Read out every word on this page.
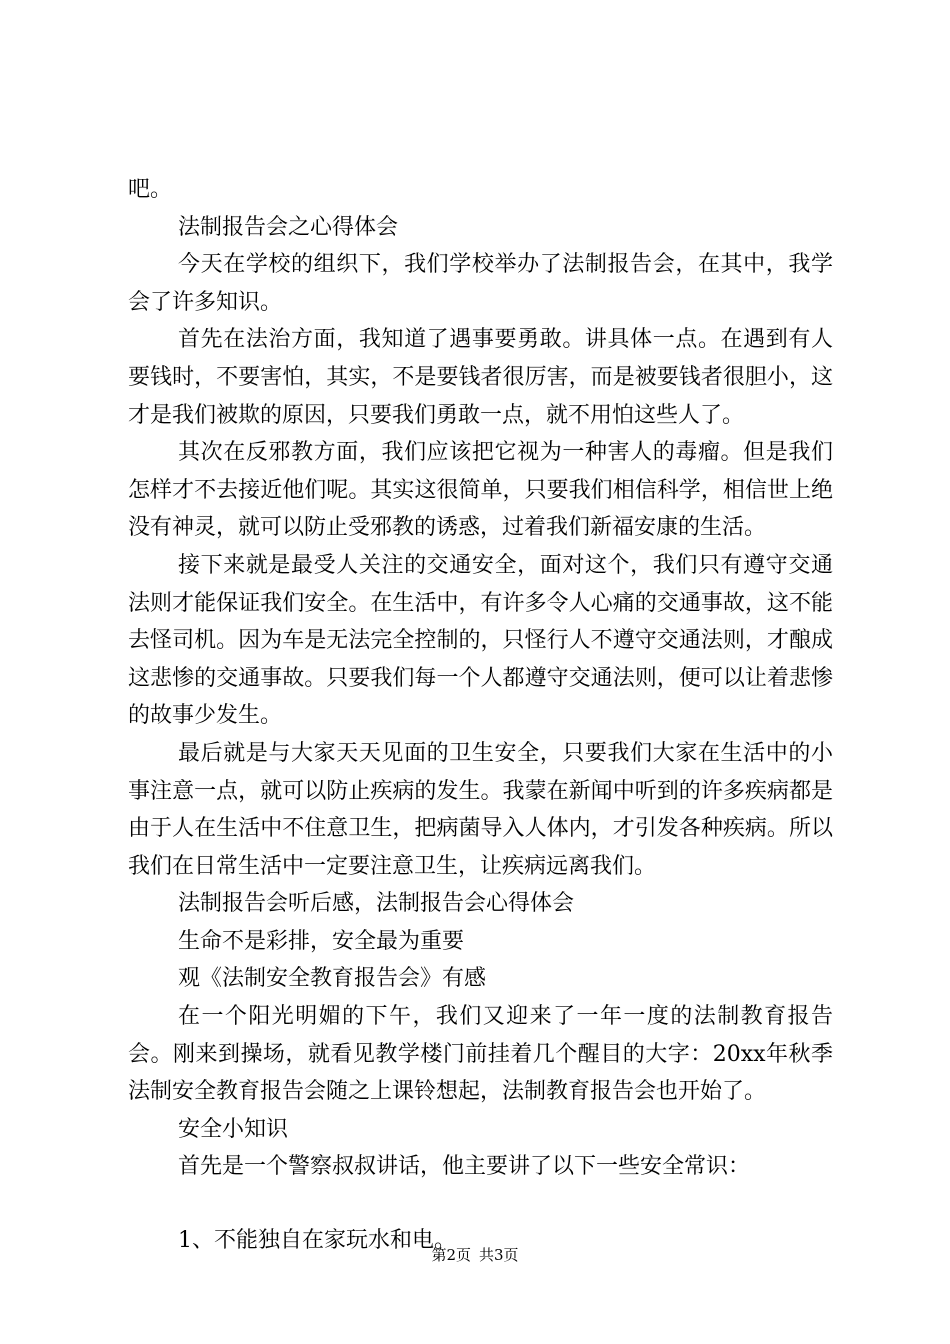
吧。

法制报告会之心得体会

今天在学校的组织下，我们学校举办了法制报告会，在其中，我学会了许多知识。

首先在法治方面，我知道了遇事要勇敢。讲具体一点。在遇到有人要钱时，不要害怕，其实，不是要钱者很厉害，而是被要钱者很胆小，这才是我们被欺的原因，只要我们勇敢一点，就不用怕这些人了。

其次在反邪教方面，我们应该把它视为一种害人的毒瘤。但是我们怎样才不去接近他们呢。其实这很简单，只要我们相信科学，相信世上绝没有神灵，就可以防止受邪教的诱惑，过着我们新福安康的生活。

接下来就是最受人关注的交通安全，面对这个，我们只有遵守交通法则才能保证我们安全。在生活中，有许多令人心痛的交通事故，这不能去怪司机。因为车是无法完全控制的，只怪行人不遵守交通法则，才酿成这悲惨的交通事故。只要我们每一个人都遵守交通法则，便可以让着悲惨的故事少发生。

最后就是与大家天天见面的卫生安全，只要我们大家在生活中的小事注意一点，就可以防止疾病的发生。我蒙在新闻中听到的许多疾病都是由于人在生活中不住意卫生，把病菌导入人体内，才引发各种疾病。所以我们在日常生活中一定要注意卫生，让疾病远离我们。

法制报告会听后感，法制报告会心得体会

生命不是彩排，安全最为重要

观《法制安全教育报告会》有感

在一个阳光明媚的下午，我们又迎来了一年一度的法制教育报告会。刚来到操场，就看见教学楼门前挂着几个醒目的大字：20xx年秋季法制安全教育报告会随之上课铃想起，法制教育报告会也开始了。

安全小知识

首先是一个警察叔叔讲话，他主要讲了以下一些安全常识：

1、不能独自在家玩水和电。

第2页 共3页
